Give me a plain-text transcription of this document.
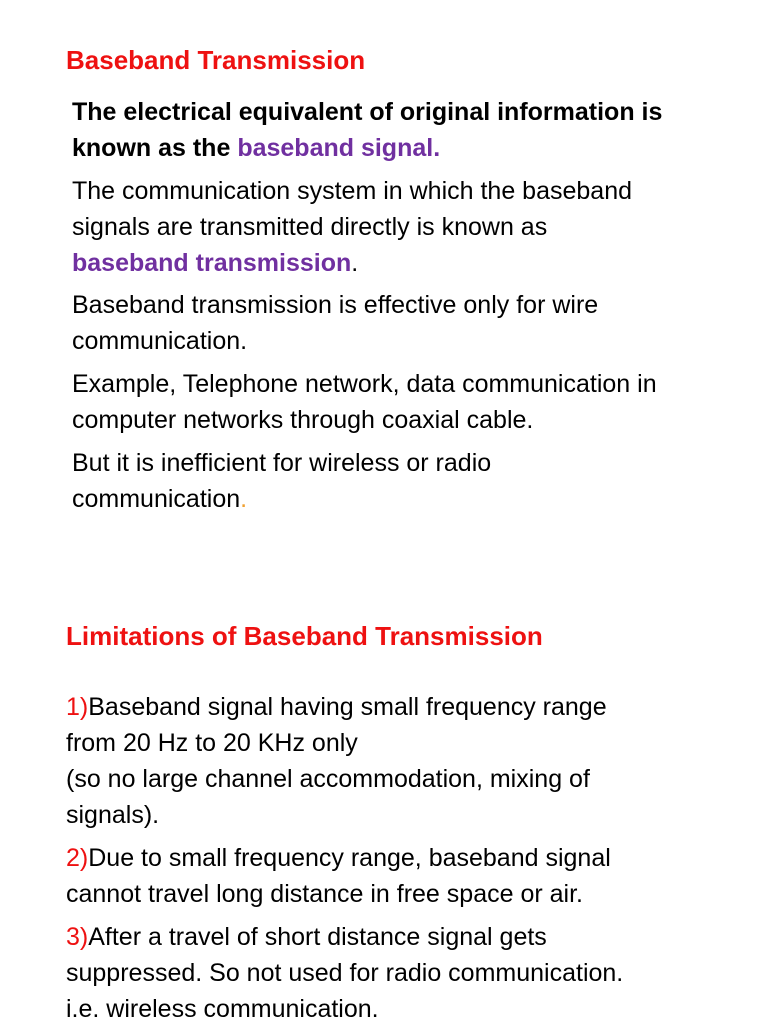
Baseband Transmission
The electrical equivalent of original information is
known as the baseband signal.
The communication system in which the baseband
signals are transmitted directly is known as
baseband transmission.
Baseband transmission is effective only for wire
communication.
Example, Telephone network, data communication in
computer networks through coaxial cable.
But it is inefficient for wireless or radio
communication.
Limitations of Baseband Transmission
1)Baseband signal having small frequency range
from 20 Hz to 20 KHz only
(so no large channel accommodation, mixing of
signals).
2)Due to small frequency range, baseband signal
cannot travel long distance in free space or air.
3)After a travel of short distance signal gets
suppressed. So not used for radio communication.
i.e. wireless communication.
